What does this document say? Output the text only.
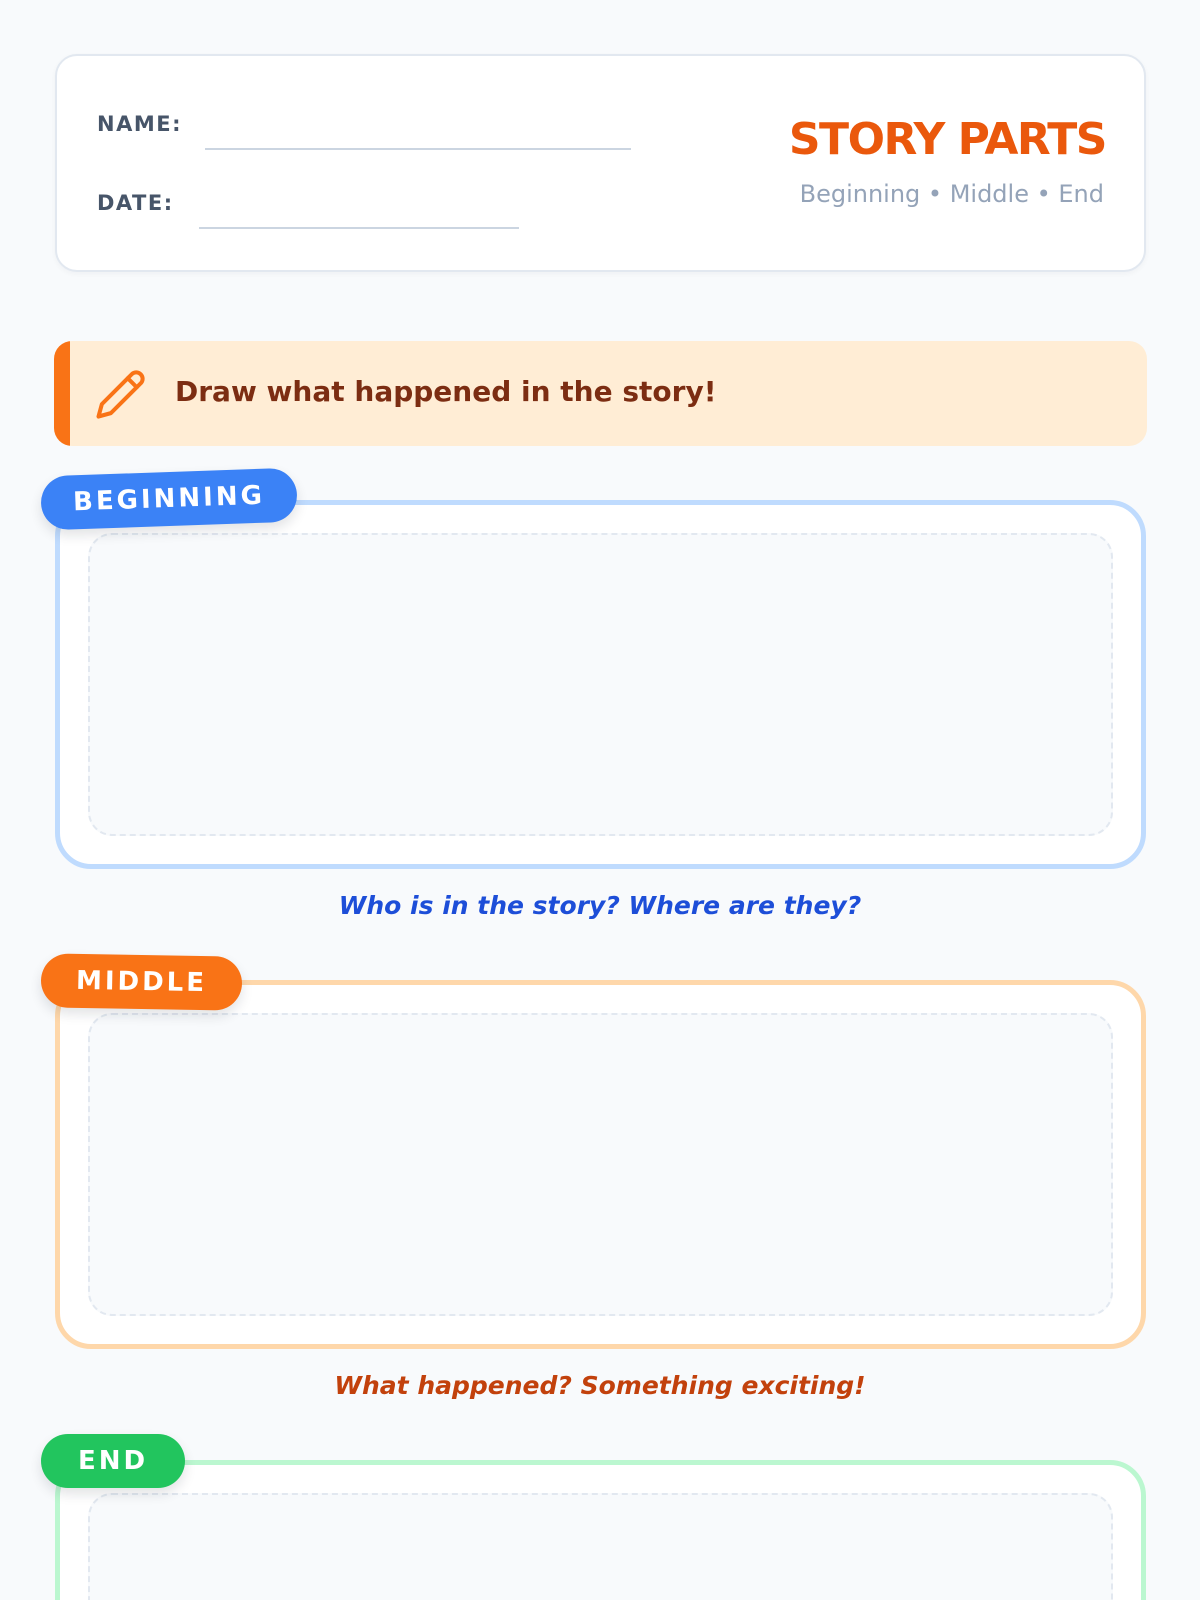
NAME:
DATE:
STORY PARTS
Beginning • Middle • End
Draw what happened in the story!
BEGINNING
Who is in the story? Where are they?
MIDDLE
What happened? Something exciting!
END
